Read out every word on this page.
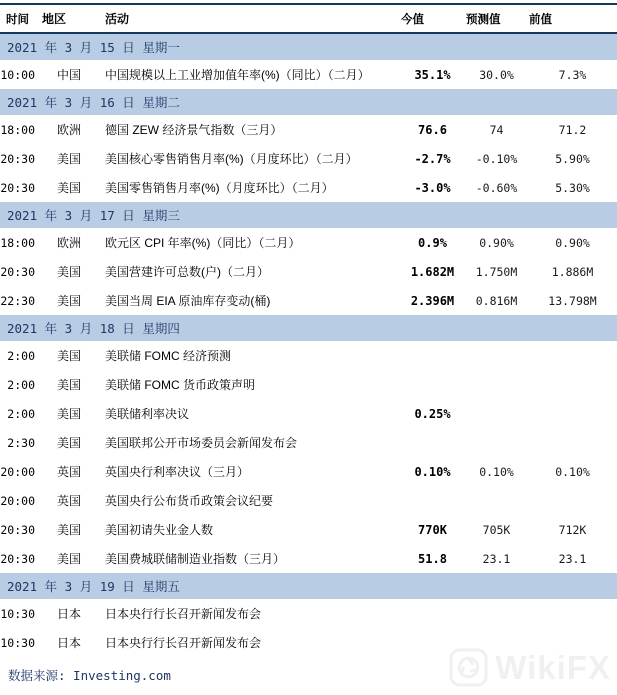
时间	地区	活动	今值	预测值	前值
2021 年 3 月 15 日 星期一
10:00	中国	中国规模以上工业增加值年率(%)（同比）（二月）	35.1%	30.0%	7.3%
2021 年 3 月 16 日 星期二
18:00	欧洲	德国 ZEW 经济景气指数（三月）	76.6	74	71.2
20:30	美国	美国核心零售销售月率(%)（月度环比）（二月）	-2.7%	-0.10%	5.90%
20:30	美国	美国零售销售月率(%)（月度环比）（二月）	-3.0%	-0.60%	5.30%
2021 年 3 月 17 日 星期三
18:00	欧洲	欧元区 CPI 年率(%)（同比）（二月）	0.9%	0.90%	0.90%
20:30	美国	美国营建许可总数(户)（二月）	1.682M	1.750M	1.886M
22:30	美国	美国当周 EIA 原油库存变动(桶)	2.396M	0.816M	13.798M
2021 年 3 月 18 日 星期四
2:00	美国	美联储 FOMC 经济预测
2:00	美国	美联储 FOMC 货币政策声明
2:00	美国	美联储利率决议	0.25%
2:30	美国	美国联邦公开市场委员会新闻发布会
20:00	英国	英国央行利率决议（三月）	0.10%	0.10%	0.10%
20:00	英国	英国央行公布货币政策会议纪要
20:30	美国	美国初请失业金人数	770K	705K	712K
20:30	美国	美国费城联储制造业指数（三月）	51.8	23.1	23.1
2021 年 3 月 19 日 星期五
10:30	日本	日本央行行长召开新闻发布会
10:30	日本	日本央行行长召开新闻发布会
数据来源: Investing.com	WikiFX
